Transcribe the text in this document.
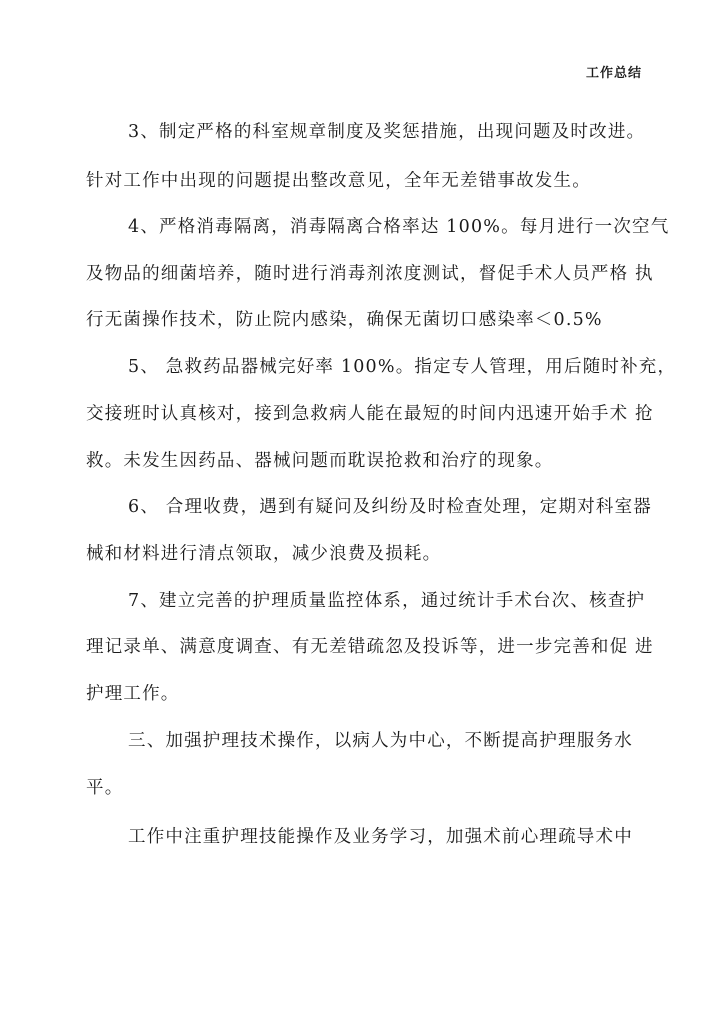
工作总结
3、制定严格的科室规章制度及奖惩措施，出现问题及时改进。
针对工作中出现的问题提出整改意见，全年无差错事故发生。
4、严格消毒隔离，消毒隔离合格率达 100%。每月进行一次空气
及物品的细菌培养，随时进行消毒剂浓度测试，督促手术人员严格 执
行无菌操作技术，防止院内感染，确保无菌切口感染率＜0.5%
5、 急救药品器械完好率 100%。指定专人管理，用后随时补充，
交接班时认真核对，接到急救病人能在最短的时间内迅速开始手术 抢
救。未发生因药品、器械问题而耽误抢救和治疗的现象。
6、 合理收费，遇到有疑问及纠纷及时检查处理，定期对科室器
械和材料进行清点领取，减少浪费及损耗。
7、建立完善的护理质量监控体系，通过统计手术台次、核查护
理记录单、满意度调查、有无差错疏忽及投诉等，进一步完善和促 进
护理工作。
三、加强护理技术操作，以病人为中心，不断提高护理服务水
平。
工作中注重护理技能操作及业务学习，加强术前心理疏导术中
